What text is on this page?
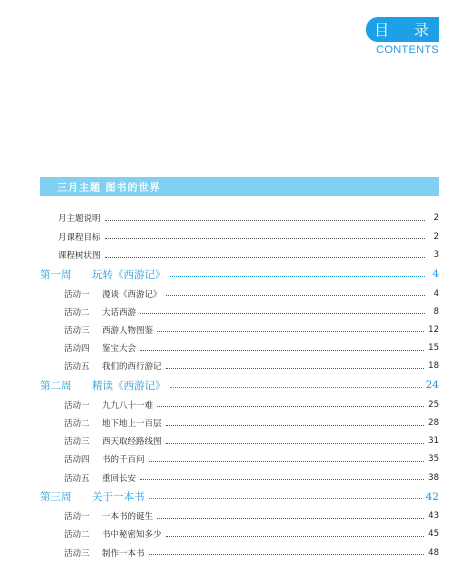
目 录
CONTENTS
三月主题 图书的世界
月主题说明	2
月课程目标	2
课程树状图	3
第一周 玩转《西游记》	4
活动一 漫谈《西游记》	4
活动二 大话西游	8
活动三 西游人物图鉴	12
活动四 鉴宝大会	15
活动五 我们的西行游记	18
第二周 精读《西游记》	24
活动一 九九八十一难	25
活动二 地下地上一百层	28
活动三 西天取经路线图	31
活动四 书的千百问	35
活动五 重回长安	38
第三周 关于一本书	42
活动一 一本书的诞生	43
活动二 书中秘密知多少	45
活动三 制作一本书	48
